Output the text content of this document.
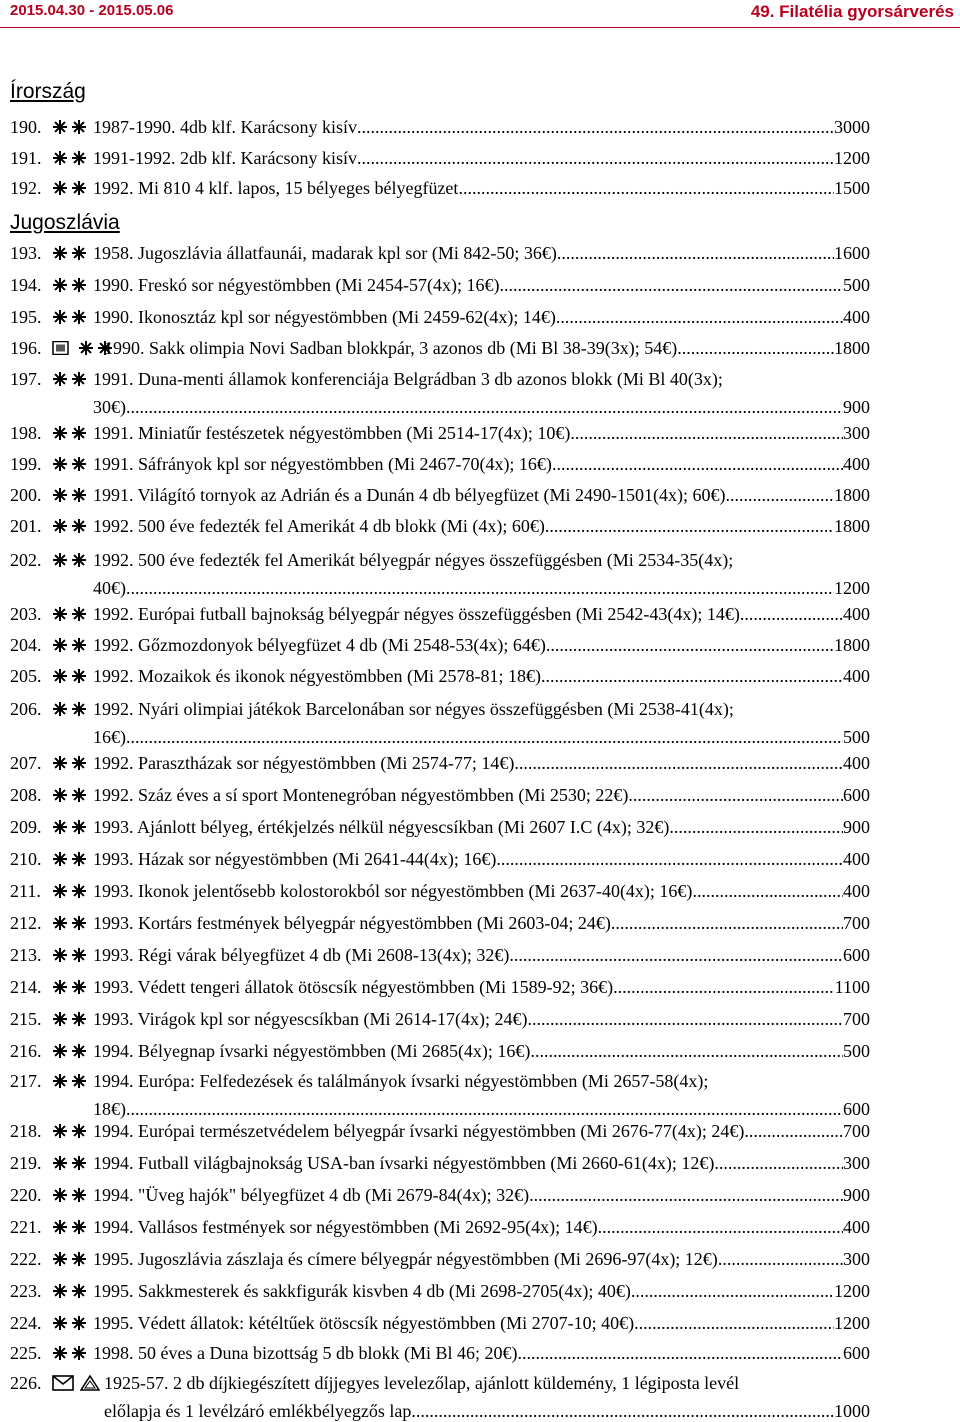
2015.04.30 - 2015.05.06	49. Filatélia gyorsárverés
Írország
190.	1987-1990. 4db klf. Karácsony kisív .....	3000
191.	1991-1992. 2db klf. Karácsony kisív .....	1200
192.	1992. Mi 810 4 klf. lapos, 15 bélyeges bélyegfüzet .....	1500
Jugoszlávia
193.	1958. Jugoszlávia állatfaunái, madarak kpl sor (Mi 842-50; 36€) .....	1600
194.	1990. Freskó sor négyestömbben (Mi 2454-57(4x); 16€) .....	500
195.	1990. Ikonosztáz kpl sor négyestömbben (Mi 2459-62(4x); 14€) .....	400
196.	1990. Sakk olimpia Novi Sadban blokkpár, 3 azonos db (Mi Bl 38-39(3x); 54€) .....	1800
197.	1991. Duna-menti államok konferenciája Belgrádban 3 db azonos blokk (Mi Bl 40(3x);
30€)... .....	900
198.	1991. Miniatűr festészetek négyestömbben (Mi 2514-17(4x); 10€) .....	300
199.	1991. Sáfrányok kpl sor négyestömbben (Mi 2467-70(4x); 16€) .....	400
200.	1991. Világító tornyok az Adrián és a Dunán 4 db bélyegfüzet (Mi 2490-1501(4x); 60€) .....	1800
201.	1992. 500 éve fedezték fel Amerikát 4 db blokk (Mi (4x); 60€) .....	1800
202.	1992. 500 éve fedezték fel Amerikát bélyegpár négyes összefüggésben (Mi 2534-35(4x);
40€). .....	1200
203.	1992. Európai futball bajnokság bélyegpár négyes összefüggésben (Mi 2542-43(4x); 14€) .....	400
204.	1992. Gőzmozdonyok bélyegfüzet 4 db (Mi 2548-53(4x); 64€) .....	1800
205.	1992. Mozaikok és ikonok négyestömbben (Mi 2578-81; 18€) .....	400
206.	1992. Nyári olimpiai játékok Barcelonában sor négyes összefüggésben (Mi 2538-41(4x);
16€).. .....	500
207.	1992. Parasztházak sor négyestömbben (Mi 2574-77; 14€) .....	400
208.	1992. Száz éves a sí sport Montenegróban négyestömbben (Mi 2530; 22€) .....	600
209.	1993. Ajánlott bélyeg, értékjelzés nélkül négyescsíkban (Mi 2607 I.C (4x); 32€) .....	900
210.	1993. Házak sor négyestömbben (Mi 2641-44(4x); 16€) .....	400
211.	1993. Ikonok jelentősebb kolostorokból sor négyestömbben (Mi 2637-40(4x); 16€) .....	400
212.	1993. Kortárs festmények bélyegpár négyestömbben (Mi 2603-04; 24€) .....	700
213.	1993. Régi várak bélyegfüzet 4 db (Mi 2608-13(4x); 32€) .....	600
214.	1993. Védett tengeri állatok ötöscsík négyestömbben (Mi 1589-92; 36€) .....	1100
215.	1993. Virágok kpl sor négyescsíkban (Mi 2614-17(4x); 24€) .....	700
216.	1994. Bélyegnap ívsarki négyestömbben (Mi 2685(4x); 16€) .....	500
217.	1994. Európa: Felfedezések és találmányok ívsarki négyestömbben (Mi 2657-58(4x);
18€)... .....	600
218.	1994. Európai természetvédelem bélyegpár ívsarki négyestömbben (Mi 2676-77(4x); 24€) .....	700
219.	1994. Futball világbajnokság USA-ban ívsarki négyestömbben (Mi 2660-61(4x); 12€) .....	300
220.	1994. "Üveg hajók" bélyegfüzet 4 db (Mi 2679-84(4x); 32€) .....	900
221.	1994. Vallásos festmények sor négyestömbben (Mi 2692-95(4x); 14€) .....	400
222.	1995. Jugoszlávia zászlaja és címere bélyegpár négyestömbben (Mi 2696-97(4x); 12€) .....	300
223.	1995. Sakkmesterek és sakkfigurák kisvben 4 db (Mi 2698-2705(4x); 40€) .....	1200
224.	1995. Védett állatok: kétéltűek ötöscsík négyestömbben (Mi 2707-10; 40€) .....	1200
225.	1998. 50 éves a Duna bizottság 5 db blokk (Mi Bl 46; 20€) .....	600
226.	1925-57. 2 db díjkiegészített díjjegyes levelezőlap, ajánlott küldemény, 1 légiposta levél
előlapja és 1 levélzáró emlékbélyegzős lap .....	1000
